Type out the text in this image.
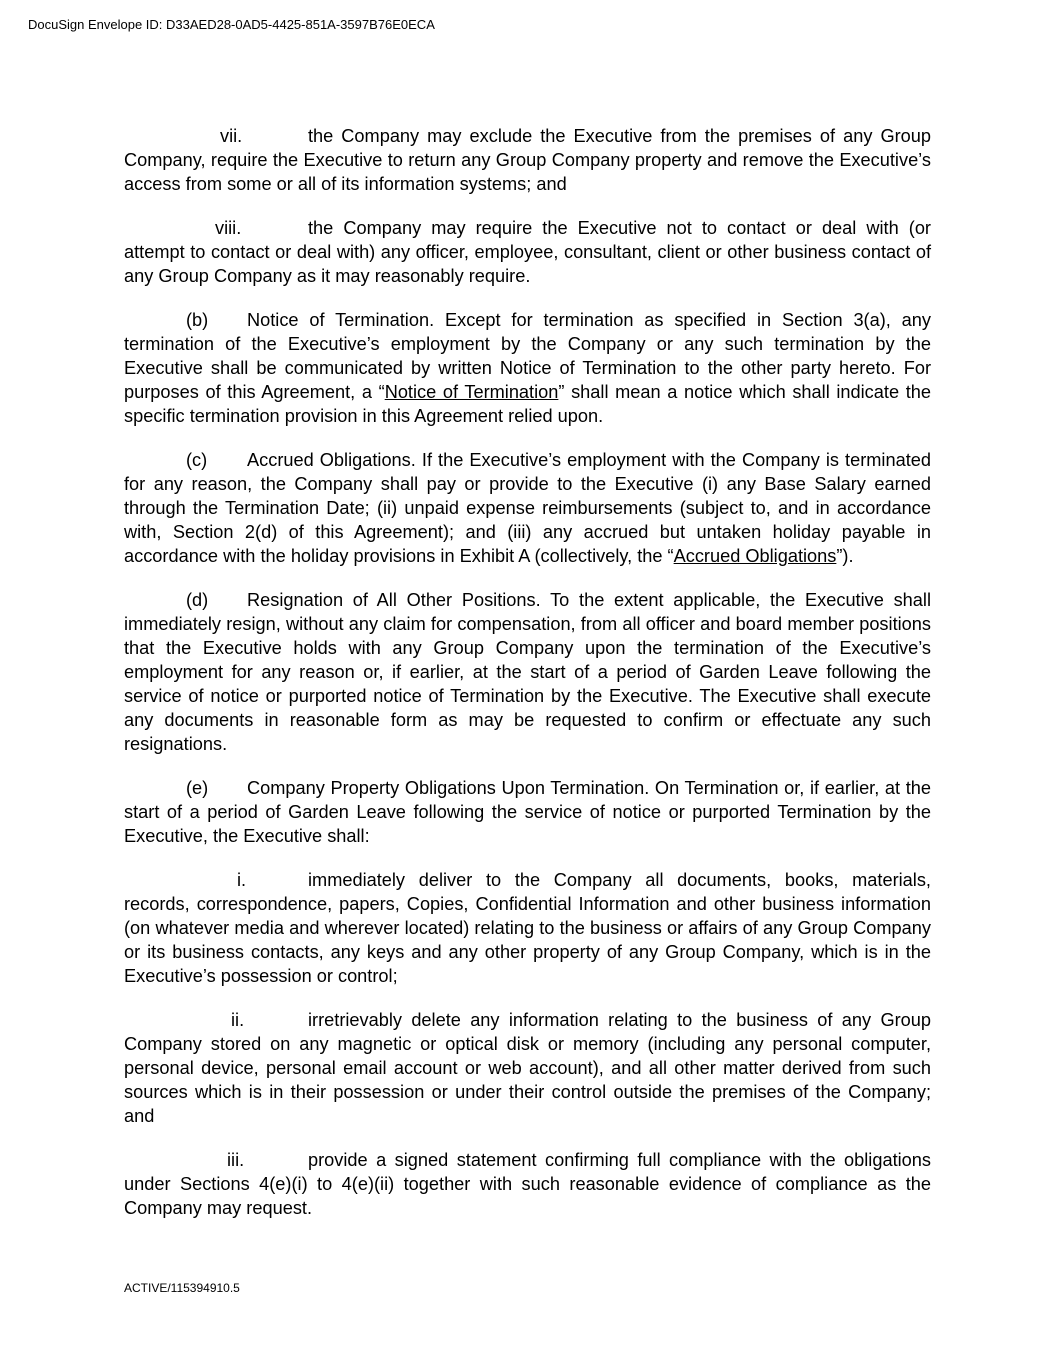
DocuSign Envelope ID: D33AED28-0AD5-4425-851A-3597B76E0ECA

vii.	the Company may exclude the Executive from the premises of any Group Company, require the Executive to return any Group Company property and remove the Executive’s access from some or all of its information systems; and

viii.	the Company may require the Executive not to contact or deal with (or attempt to contact or deal with) any officer, employee, consultant, client or other business contact of any Group Company as it may reasonably require.

(b) Notice of Termination. Except for termination as specified in Section 3(a), any termination of the Executive’s employment by the Company or any such termination by the Executive shall be communicated by written Notice of Termination to the other party hereto. For purposes of this Agreement, a “Notice of Termination” shall mean a notice which shall indicate the specific termination provision in this Agreement relied upon.

(c) Accrued Obligations. If the Executive’s employment with the Company is terminated for any reason, the Company shall pay or provide to the Executive (i) any Base Salary earned through the Termination Date; (ii) unpaid expense reimbursements (subject to, and in accordance with, Section 2(d) of this Agreement); and (iii) any accrued but untaken holiday payable in accordance with the holiday provisions in Exhibit A (collectively, the “Accrued Obligations”).

(d) Resignation of All Other Positions. To the extent applicable, the Executive shall immediately resign, without any claim for compensation, from all officer and board member positions that the Executive holds with any Group Company upon the termination of the Executive’s employment for any reason or, if earlier, at the start of a period of Garden Leave following the service of notice or purported notice of Termination by the Executive. The Executive shall execute any documents in reasonable form as may be requested to confirm or effectuate any such resignations.

(e) Company Property Obligations Upon Termination. On Termination or, if earlier, at the start of a period of Garden Leave following the service of notice or purported Termination by the Executive, the Executive shall:

i.	immediately deliver to the Company all documents, books, materials, records, correspondence, papers, Copies, Confidential Information and other business information (on whatever media and wherever located) relating to the business or affairs of any Group Company or its business contacts, any keys and any other property of any Group Company, which is in the Executive’s possession or control;

ii.	irretrievably delete any information relating to the business of any Group Company stored on any magnetic or optical disk or memory (including any personal computer, personal device, personal email account or web account), and all other matter derived from such sources which is in their possession or under their control outside the premises of the Company; and

iii.	provide a signed statement confirming full compliance with the obligations under Sections 4(e)(i) to 4(e)(ii) together with such reasonable evidence of compliance as the Company may request.

ACTIVE/115394910.5
